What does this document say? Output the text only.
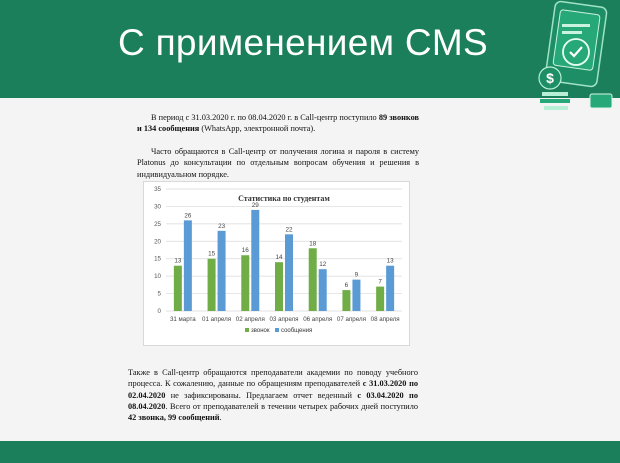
С применением CMS
$

В период с 31.03.2020 г. по 08.04.2020 г. в Call-центр поступило 89 звонков и 134 сообщения (WhatsApp, электронной почта).

Часто обращаются в Call-центр от получения логина и пароля в систему Platonus до консультации по отдельным вопросам обучения и решения в индивидуальном порядке.

Также в Call-центр обращаются преподаватели академии по поводу учебного процесса. К сожалению, данные по обращениям преподавателей с 31.03.2020 по 02.04.2020 не зафиксированы. Предлагаем отчет веденный с 03.04.2020 по 08.04.2020. Всего от преподавателей в течении четырех рабочих дней поступило 42 звонка, 99 сообщений.

Статистика по студентам
0
5
10
15
20
25
30
35
13
26
31 марта
15
23
01 апреля
16
29
02 апреля
14
22
03 апреля
18
12
06 апреля
6
9
07 апреля
7
13
08 апреля
звонок сообщения
